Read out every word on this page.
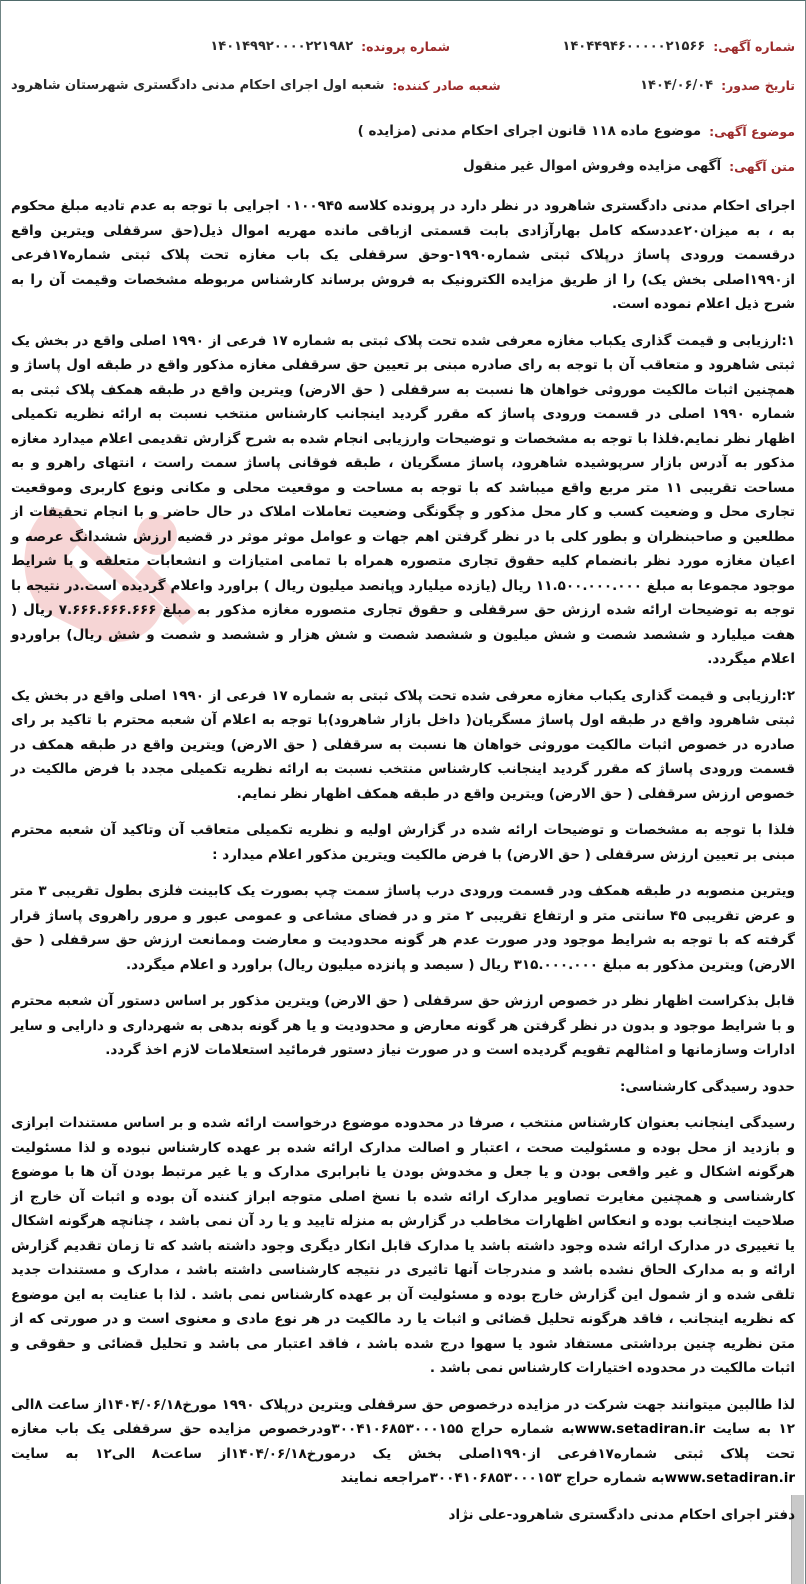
شماره آگهی:
۱۴۰۴۴۹۴۶۰۰۰۰۰۲۱۵۶۶
شماره پرونده:
۱۴۰۱۴۹۹۲۰۰۰۰۲۲۱۹۸۲
تاریخ صدور:
۱۴۰۴/۰۶/۰۴
شعبه صادر کننده:
شعبه اول اجرای احکام مدنی دادگستری شهرستان شاهرود
موضوع آگهی:
موضوع ماده ۱۱۸ قانون اجرای احکام مدنی (مزایده )
متن آگهی:
آگهی مزایده وفروش اموال غیر منقول

اجرای احکام مدنی دادگستری شاهرود در نظر دارد در پرونده کلاسه ۰۱۰۰۹۴۵ اجرایی با توجه به عدم تادیه مبلغ محکوم به ، به میزان۲۰عددسکه کامل بهارآزادی بابت قسمتی ازباقی مانده مهریه اموال ذیل(حق سرقفلی ویترین واقع درقسمت ورودی پاساژ درپلاک ثبتی شماره۱۹۹۰-وحق سرقفلی یک باب مغازه تحت پلاک ثبتی شماره۱۷فرعی از۱۹۹۰اصلی بخش یک) را از طریق مزایده الکترونیک به فروش برساند کارشناس مربوطه مشخصات وقیمت آن را به شرح ذیل اعلام نموده است.

۱:ارزیابی و قیمت گذاری یکباب مغازه معرفی شده تحت پلاک ثبتی به شماره ۱۷ فرعی از ۱۹۹۰ اصلی واقع در بخش یک ثبتی شاهرود و متعاقب آن با توجه به رای صادره مبنی بر تعیین حق سرقفلی مغازه مذکور واقع در طبقه اول پاساژ و همچنین اثبات مالکیت موروثی خواهان ها نسبت به سرقفلی ( حق الارض) ویترین واقع در طبقه همکف پلاک ثبتی به شماره ۱۹۹۰ اصلی در قسمت ورودی پاساژ که مقرر گردید اینجانب کارشناس منتخب نسبت به ارائه نظریه تکمیلی اظهار نظر نمایم.فلذا با توجه به مشخصات و توضیحات وارزیابی انجام شده به شرح گزارش تقدیمی اعلام میدارد مغازه مذکور به آدرس بازار سرپوشیده شاهرود، پاساژ مسگریان ، طبقه فوقانی پاساژ سمت راست ، انتهای راهرو و به مساحت تقریبی ۱۱ متر مربع واقع میباشد که با توجه به مساحت و موقعیت محلی و مکانی ونوع کاربری وموقعیت تجاری محل و وضعیت کسب و کار محل مذکور و چگونگی وضعیت تعاملات املاک در حال حاضر و با انجام تحقیقات از مطلعین و صاحبنظران و بطور کلی با در نظر گرفتن اهم جهات و عوامل موثر موثر در قضیه ارزش ششدانگ عرصه و اعیان مغازه مورد نظر بانضمام کلیه حقوق تجاری متصوره همراه با تمامی امتیازات و انشعابات متعلقه و با شرایط موجود مجموعا به مبلغ ۱۱.۵۰۰.۰۰۰.۰۰۰ ریال (یازده میلیارد وپانصد میلیون ریال ) براورد واعلام گردیده است.در نتیجه با توجه به توضیحات ارائه شده ارزش حق سرقفلی و حقوق تجاری متصوره مغازه مذکور به مبلغ ۷.۶۶۶.۶۶۶.۶۶۶ ریال ( هفت میلیارد و ششصد شصت و شش میلیون و ششصد شصت و شش هزار و ششصد و شصت و شش ریال) براوردو اعلام میگردد.

۲:ارزیابی و قیمت گذاری یکباب مغازه معرفی شده تحت پلاک ثبتی به شماره ۱۷ فرعی از ۱۹۹۰ اصلی واقع در بخش یک ثبتی شاهرود واقع در طبقه اول پاساژ مسگریان( داخل بازار شاهرود)با توجه به اعلام آن شعبه محترم با تاکید بر رای صادره در خصوص اثبات مالکیت موروثی خواهان ها نسبت به سرقفلی ( حق الارض) ویترین واقع در طبقه همکف در قسمت ورودی پاساژ که مقرر گردید اینجانب کارشناس منتخب نسبت به ارائه نظریه تکمیلی مجدد با فرض مالکیت در خصوص ارزش سرقفلی ( حق الارض) ویترین واقع در طبقه همکف اظهار نظر نمایم.

فلذا با توجه به مشخصات و توضیحات ارائه شده در گزارش اولیه و نظریه تکمیلی متعاقب آن وتاکید آن شعبه محترم مبنی بر تعیین ارزش سرقفلی ( حق الارض) با فرض مالکیت ویترین مذکور اعلام میدارد :

ویترین منصوبه در طبقه همکف ودر قسمت ورودی درب پاساژ سمت چپ بصورت یک کابینت فلزی بطول تقریبی ۳ متر و عرض تقریبی ۴۵ سانتی متر و ارتفاع تقریبی ۲ متر و در فضای مشاعی و عمومی عبور و مرور راهروی پاساژ قرار گرفته که با توجه به شرایط موجود ودر صورت عدم هر گونه محدودیت و معارضت وممانعت ارزش حق سرقفلی ( حق الارض) ویترین مذکور به مبلغ ۳۱۵.۰۰۰.۰۰۰ ریال ( سیصد و پانزده میلیون ریال) براورد و اعلام میگردد.

قابل بذکراست اظهار نظر در خصوص ارزش حق سرقفلی ( حق الارض) ویترین مذکور بر اساس دستور آن شعبه محترم و با شرایط موجود و بدون در نظر گرفتن هر گونه معارض و محدودیت و یا هر گونه بدهی به شهرداری و دارایی و سایر ادارات وسازمانها و امثالهم تقویم گردیده است و در صورت نیاز دستور فرمائید استعلامات لازم اخذ گردد.

حدود رسیدگی کارشناسی:

رسیدگی اینجانب بعنوان کارشناس منتخب ، صرفا در محدوده موضوع درخواست ارائه شده و بر اساس مستندات ابرازی و بازدید از محل بوده و مسئولیت صحت ، اعتبار و اصالت مدارک ارائه شده بر عهده کارشناس نبوده و لذا مسئولیت هرگونه اشکال و غیر واقعی بودن و یا جعل و مخدوش بودن یا نابرابری مدارک و یا غیر مرتبط بودن آن ها با موضوع کارشناسی و همچنین مغایرت تصاویر مدارک ارائه شده با نسخ اصلی متوجه ابراز کننده آن بوده و اثبات آن خارج از صلاحیت اینجانب بوده و انعکاس اظهارات مخاطب در گزارش به منزله تایید و یا رد آن نمی باشد ، چنانچه هرگونه اشکال یا تغییری در مدارک ارائه شده وجود داشته باشد یا مدارک قابل انکار دیگری وجود داشته باشد که تا زمان تقدیم گزارش ارائه و به مدارک الحاق نشده باشد و مندرجات آنها تاثیری در نتیجه کارشناسی داشته باشد ، مدارک و مستندات جدید تلقی شده و از شمول این گزارش خارج بوده و مسئولیت آن بر عهده کارشناس نمی باشد . لذا با عنایت به این موضوع که نظریه اینجانب ، فاقد هرگونه تحلیل قضائی و اثبات یا رد مالکیت در هر نوع مادی و معنوی است و در صورتی که از متن نظریه چنین برداشتی مستفاد شود یا سهوا درج شده باشد ، فاقد اعتبار می باشد و تحلیل قضائی و حقوقی و اثبات مالکیت در محدوده اختیارات کارشناس نمی باشد .

لذا طالبین میتوانند جهت شرکت در مزایده درخصوص حق سرقفلی ویترین درپلاک ۱۹۹۰ مورخ۱۴۰۴/۰۶/۱۸از ساعت ۸الی ۱۲ به سایت www.setadiran.irبه شماره حراج ۳۰۰۴۱۰۶۸۵۳۰۰۰۱۵۵ودرخصوص مزایده حق سرقفلی یک باب مغازه تحت پلاک ثبتی شماره۱۷فرعی از۱۹۹۰اصلی بخش یک درمورخ۱۴۰۴/۰۶/۱۸از ساعت۸ الی۱۲ به سایت www.setadiran.irبه شماره حراج ۳۰۰۴۱۰۶۸۵۳۰۰۰۱۵۳مراجعه نمایند

دفتر اجرای احکام مدنی دادگستری شاهرود-علی نژاد
